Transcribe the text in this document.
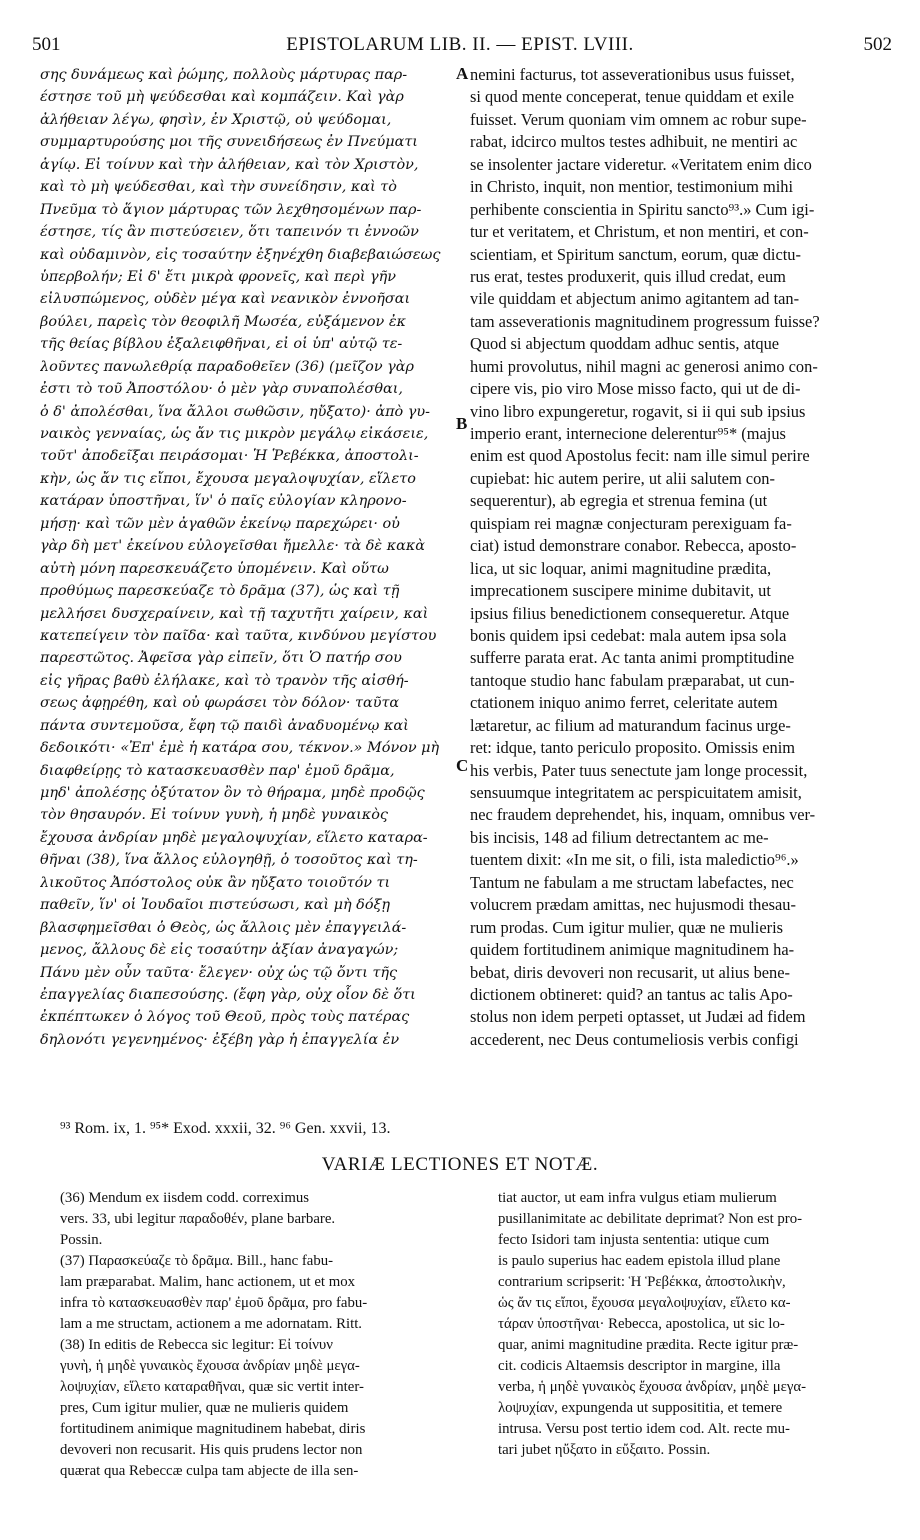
501	EPISTOLARUM LIB. II. — EPIST. LVIII.	502
σης δυνάμεως καὶ ῥώμης, πολλοὺς μάρτυρας παρ-
έστησε τοῦ μὴ ψεύδεσθαι καὶ κομπάζειν. Καὶ γὰρ
ἀλήθειαν λέγω, φησὶν, ἐν Χριστῷ, οὐ ψεύδομαι,
συμμαρτυρούσης μοι τῆς συνειδήσεως ἐν Πνεύματι
ἁγίῳ. Εἰ τοίνυν καὶ τὴν ἀλήθειαν, καὶ τὸν Χριστὸν,
καὶ τὸ μὴ ψεύδεσθαι, καὶ τὴν συνείδησιν, καὶ τὸ
Πνεῦμα τὸ ἅγιον μάρτυρας τῶν λεχθησομένων παρ-
έστησε, τίς ἂν πιστεύσειεν, ὅτι ταπεινόν τι ἐννοῶν
καὶ οὐδαμινὸν, εἰς τοσαύτην ἐξηνέχθη διαβεβαιώσεως
ὑπερβολήν; Εἰ δ' ἔτι μικρὰ φρονεῖς, καὶ περὶ γῆν
εἰλυσπώμενος, οὐδὲν μέγα καὶ νεανικὸν ἐννοῆσαι
βούλει, παρεὶς τὸν θεοφιλῆ Μωσέα, εὐξάμενον ἐκ
τῆς θείας βίβλου ἐξαλειφθῆναι, εἰ οἱ ὑπ' αὐτῷ τε-
λοῦντες πανωλεθρίᾳ παραδοθεῖεν (36) (μεῖζον γὰρ
ἐστι τὸ τοῦ Ἀποστόλου· ὁ μὲν γὰρ συναπολέσθαι,
ὁ δ' ἀπολέσθαι, ἵνα ἄλλοι σωθῶσιν, ηὔξατο)· ἀπὸ γυ-
ναικὸς γενναίας, ὡς ἄν τις μικρὸν μεγάλῳ εἰκάσειε,
τοῦτ' ἀποδεῖξαι πειράσομαι· Ἡ Ῥεβέκκα, ἀποστολι-
κὴν, ὡς ἄν τις εἴποι, ἔχουσα μεγαλοψυχίαν, εἵλετο
κατάραν ὑποστῆναι, ἵν' ὁ παῖς εὐλογίαν κληρονο-
μήσῃ· καὶ τῶν μὲν ἀγαθῶν ἐκείνῳ παρεχώρει· οὐ
γὰρ δὴ μετ' ἐκείνου εὐλογεῖσθαι ἤμελλε· τὰ δὲ κακὰ
αὐτὴ μόνη παρεσκευάζετο ὑπομένειν. Καὶ οὕτω
προθύμως παρεσκεύαζε τὸ δρᾶμα (37), ὡς καὶ τῇ
μελλήσει δυσχεραίνειν, καὶ τῇ ταχυτῆτι χαίρειν, καὶ
κατεπείγειν τὸν παῖδα· καὶ ταῦτα, κινδύνου μεγίστου
παρεστῶτος. Ἀφεῖσα γὰρ εἰπεῖν, ὅτι Ὁ πατήρ σου
εἰς γῆρας βαθὺ ἐλήλακε, καὶ τὸ τρανὸν τῆς αἰσθή-
σεως ἀφῃρέθη, καὶ οὐ φωράσει τὸν δόλον· ταῦτα
πάντα συντεμοῦσα, ἔφη τῷ παιδὶ ἀναδυομένῳ καὶ
δεδοικότι· «Ἐπ' ἐμὲ ἡ κατάρα σου, τέκνον.» Μόνον μὴ
διαφθείρῃς τὸ κατασκευασθὲν παρ' ἐμοῦ δρᾶμα,
μηδ' ἀπολέσῃς ὀξύτατον ὂν τὸ θήραμα, μηδὲ προδῷς
τὸν θησαυρόν. Εἰ τοίνυν γυνὴ, ἡ μηδὲ γυναικὸς
ἔχουσα ἀνδρίαν μηδὲ μεγαλοψυχίαν, εἵλετο καταρα-
θῆναι (38), ἵνα ἄλλος εὐλογηθῇ, ὁ τοσοῦτος καὶ τη-
λικοῦτος Ἀπόστολος οὐκ ἂν ηὔξατο τοιοῦτόν τι
παθεῖν, ἵν' οἱ Ἰουδαῖοι πιστεύσωσι, καὶ μὴ δόξῃ
βλασφημεῖσθαι ὁ Θεὸς, ὡς ἄλλοις μὲν ἐπαγγειλά-
μενος, ἄλλους δὲ εἰς τοσαύτην ἀξίαν ἀναγαγών;
Πάνυ μὲν οὖν ταῦτα· ἔλεγεν· οὐχ ὡς τῷ ὄντι τῆς
ἐπαγγελίας διαπεσούσης. (ἔφη γὰρ, οὐχ οἷον δὲ ὅτι
ἐκπέπτωκεν ὁ λόγος τοῦ Θεοῦ, πρὸς τοὺς πατέρας
δηλονότι γεγενημένος· ἐξέβη γὰρ ἡ ἐπαγγελία ἐν
A
B
C
nemini facturus, tot asseverationibus usus fuisset,
si quod mente conceperat, tenue quiddam et exile
fuisset. Verum quoniam vim omnem ac robur supe-
rabat, idcirco multos testes adhibuit, ne mentiri ac
se insolenter jactare videretur. «Veritatem enim dico
in Christo, inquit, non mentior, testimonium mihi
perhibente conscientia in Spiritu sancto⁹³.» Cum igi-
tur et veritatem, et Christum, et non mentiri, et con-
scientiam, et Spiritum sanctum, eorum, quæ dictu-
rus erat, testes produxerit, quis illud credat, eum
vile quiddam et abjectum animo agitantem ad tan-
tam asseverationis magnitudinem progressum fuisse?
Quod si abjectum quoddam adhuc sentis, atque
humi provolutus, nihil magni ac generosi animo con-
cipere vis, pio viro Mose misso facto, qui ut de di-
vino libro expungeretur, rogavit, si ii qui sub ipsius
imperio erant, internecione delerentur⁹⁵* (majus
enim est quod Apostolus fecit: nam ille simul perire
cupiebat: hic autem perire, ut alii salutem con-
sequerentur), ab egregia et strenua femina (ut
quispiam rei magnæ conjecturam perexiguam fa-
ciat) istud demonstrare conabor. Rebecca, aposto-
lica, ut sic loquar, animi magnitudine prædita,
imprecationem suscipere minime dubitavit, ut
ipsius filius benedictionem consequeretur. Atque
bonis quidem ipsi cedebat: mala autem ipsa sola
sufferre parata erat. Ac tanta animi promptitudine
tantoque studio hanc fabulam præparabat, ut cun-
ctationem iniquo animo ferret, celeritate autem
lætaretur, ac filium ad maturandum facinus urge-
ret: idque, tanto periculo proposito. Omissis enim
his verbis, Pater tuus senectute jam longe processit,
sensuumque integritatem ac perspicuitatem amisit,
nec fraudem deprehendet, his, inquam, omnibus ver-
bis incisis, 148 ad filium detrectantem ac me-
tuentem dixit: «In me sit, o fili, ista maledictio⁹⁶.»
Tantum ne fabulam a me structam labefactes, nec
volucrem prædam amittas, nec hujusmodi thesau-
rum prodas. Cum igitur mulier, quæ ne mulieris
quidem fortitudinem animique magnitudinem ha-
bebat, diris devoveri non recusarit, ut alius bene-
dictionem obtineret: quid? an tantus ac talis Apo-
stolus non idem perpeti optasset, ut Judæi ad fidem
accederent, nec Deus contumeliosis verbis configi
⁹³ Rom. ix, 1. ⁹⁵* Exod. xxxii, 32. ⁹⁶ Gen. xxvii, 13.
VARIÆ LECTIONES ET NOTÆ.
(36) Mendum ex iisdem codd. correximus
vers. 33, ubi legitur παραδοθέν, plane barbare.
Possin.
(37) Παρασκεύαζε τὸ δρᾶμα. Bill., hanc fabu-
lam præparabat. Malim, hanc actionem, ut et mox
infra τὸ κατασκευασθὲν παρ' ἐμοῦ δρᾶμα, pro fabu-
lam a me structam, actionem a me adornatam. Ritt.
(38) In editis de Rebecca sic legitur: Εἰ τοίνυν
γυνὴ, ἡ μηδὲ γυναικὸς ἔχουσα ἀνδρίαν μηδὲ μεγα-
λοψυχίαν, εἵλετο καταραθῆναι, quæ sic vertit inter-
pres, Cum igitur mulier, quæ ne mulieris quidem
fortitudinem animique magnitudinem habebat, diris
devoveri non recusarit. His quis prudens lector non
quærat qua Rebeccæ culpa tam abjecte de illa sen-
tiat auctor, ut eam infra vulgus etiam mulierum
pusillanimitate ac debilitate deprimat? Non est pro-
fecto Isidori tam injusta sententia: utique cum
is paulo superius hac eadem epistola illud plane
contrarium scripserit: Ἡ Ῥεβέκκα, ἀποστολικὴν,
ὡς ἄν τις εἴποι, ἔχουσα μεγαλοψυχίαν, εἵλετο κα-
τάραν ὑποστῆναι· Rebecca, apostolica, ut sic lo-
quar, animi magnitudine prædita. Recte igitur præ-
cit. codicis Altaemsis descriptor in margine, illa
verba, ἡ μηδὲ γυναικὸς ἔχουσα ἀνδρίαν, μηδὲ μεγα-
λοψυχίαν, expungenda ut supposititia, et temere
intrusa. Versu post tertio idem cod. Alt. recte mu-
tari jubet ηὔξατο in εὔξαιτο. Possin.
